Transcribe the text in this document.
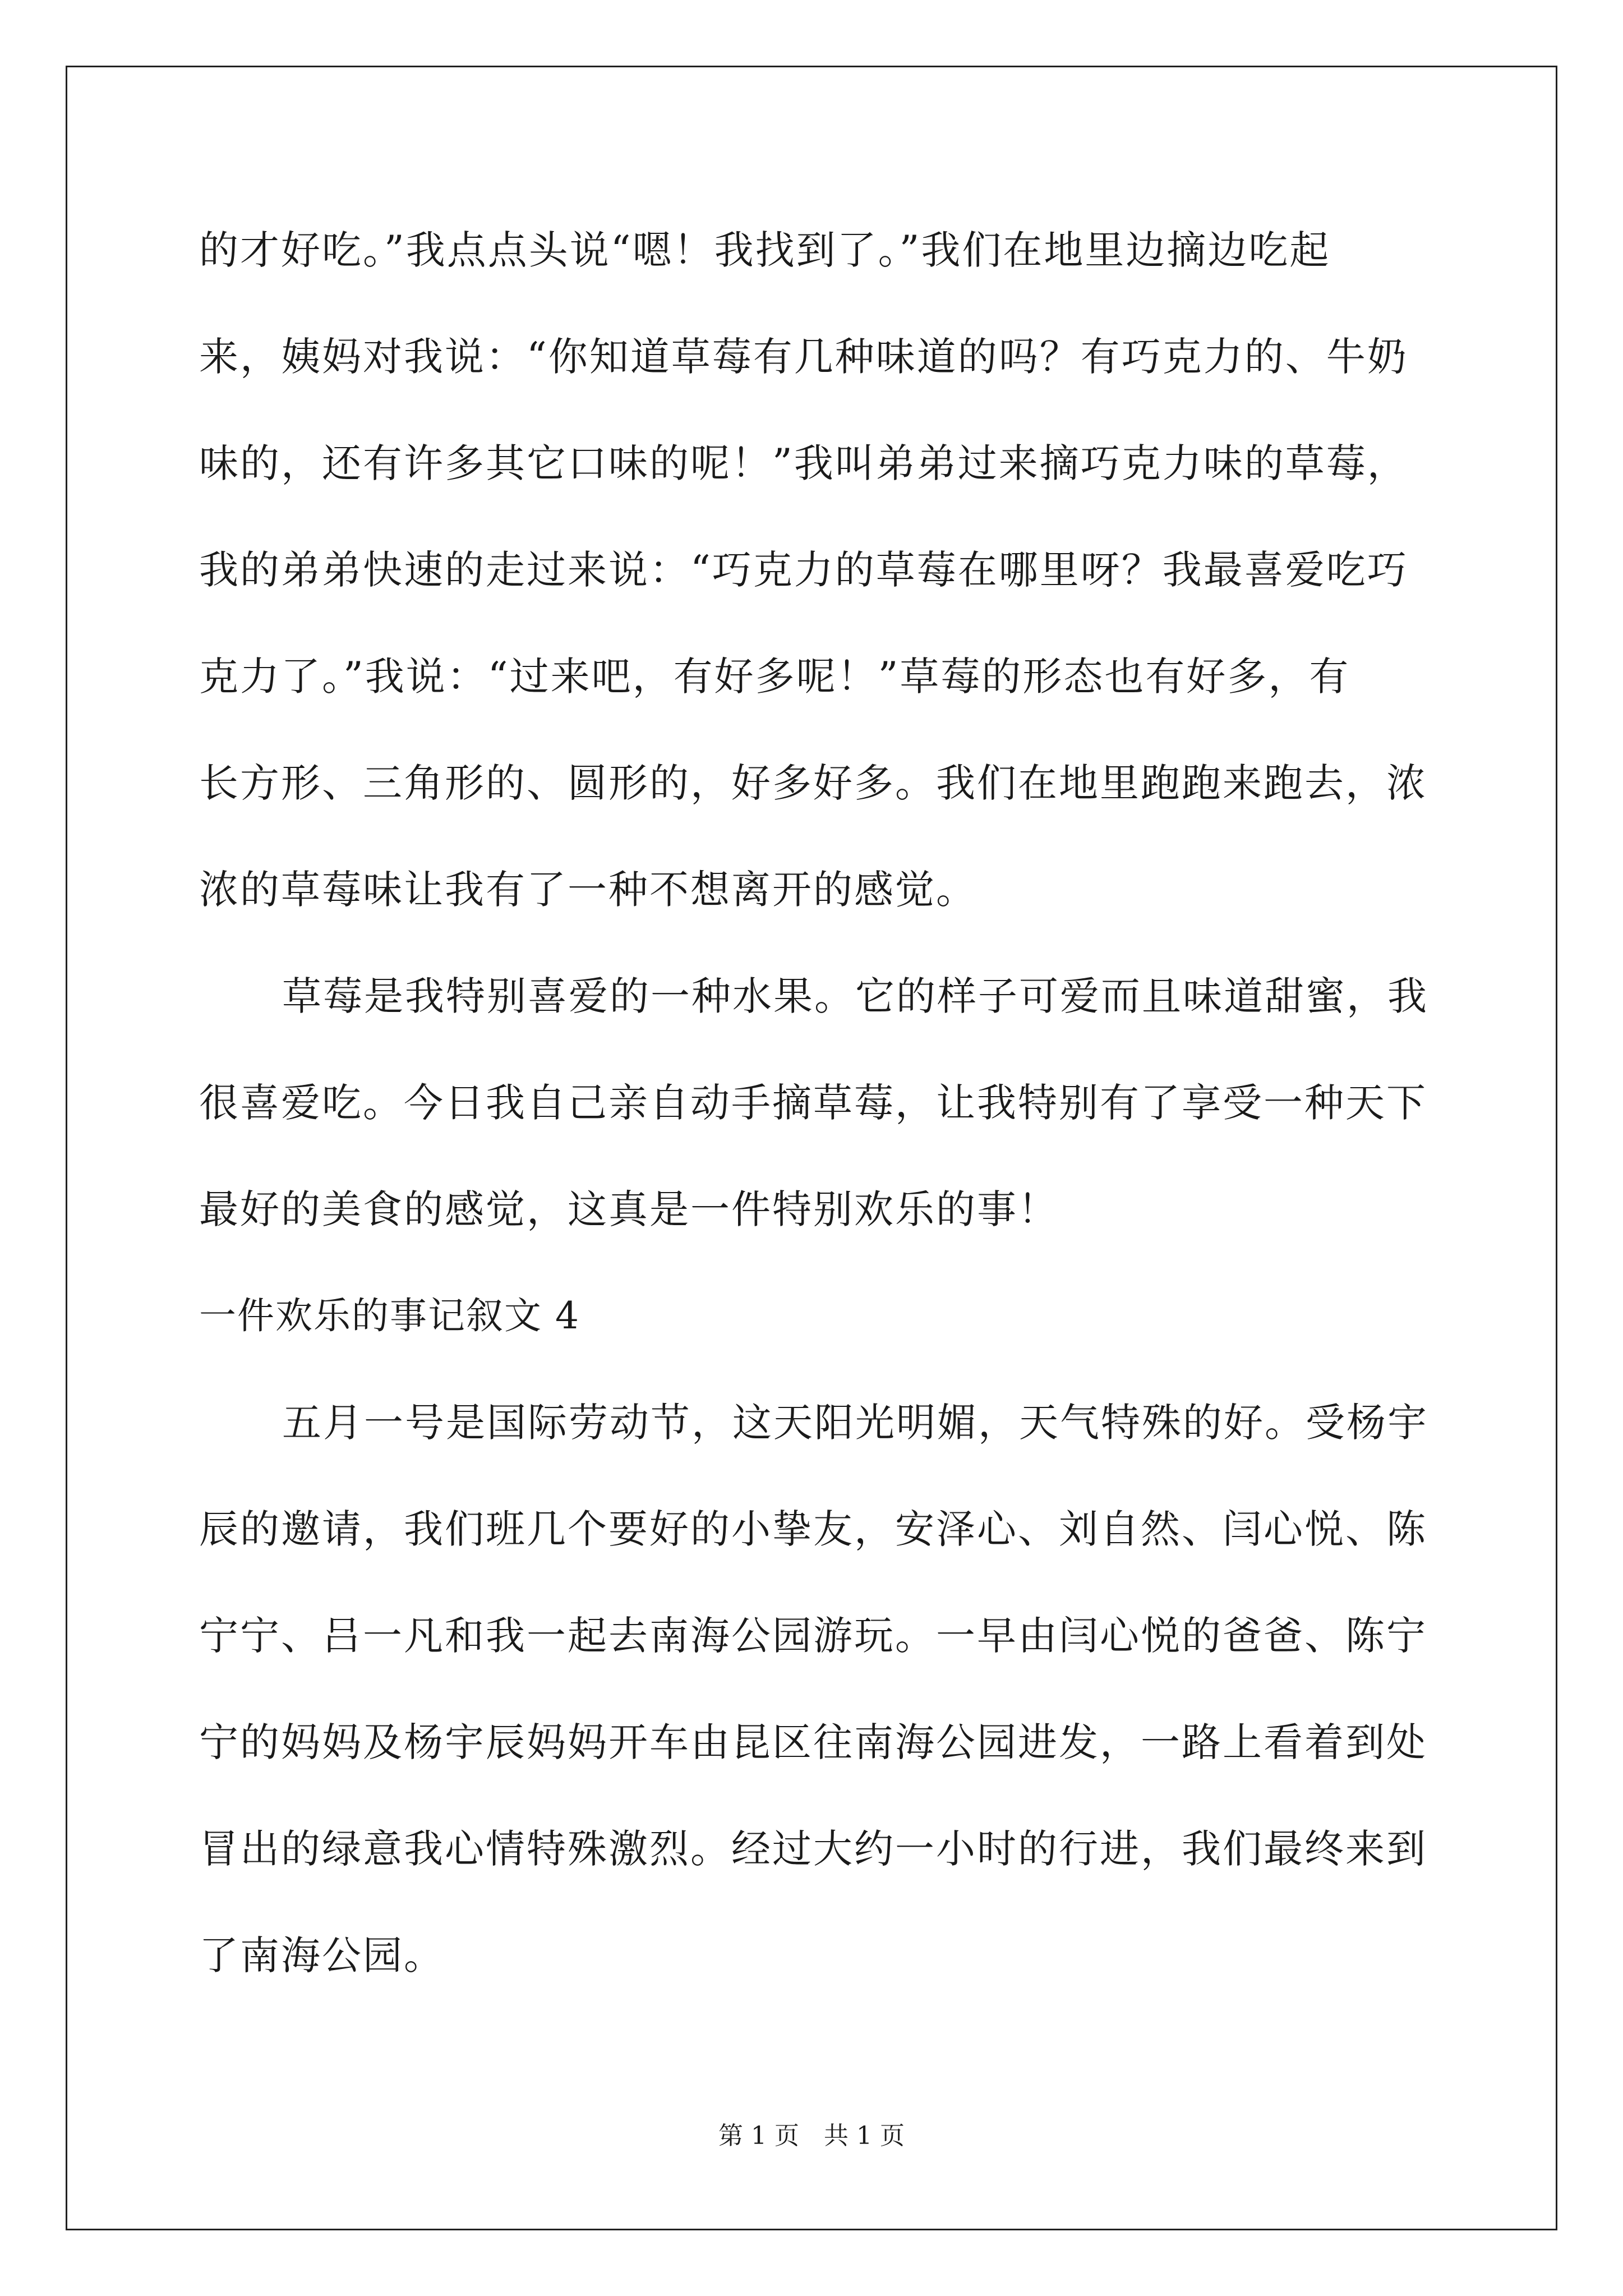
的才好吃。”我点点头说“嗯！我找到了。”我们在地里边摘边吃起
来，姨妈对我说：“你知道草莓有几种味道的吗？有巧克力的、牛奶
味的，还有许多其它口味的呢！”我叫弟弟过来摘巧克力味的草莓，
我的弟弟快速的走过来说：“巧克力的草莓在哪里呀？我最喜爱吃巧
克力了。”我说：“过来吧，有好多呢！”草莓的形态也有好多，有
长方形、三角形的、圆形的，好多好多。我们在地里跑跑来跑去，浓
浓的草莓味让我有了一种不想离开的感觉。
草莓是我特别喜爱的一种水果。它的样子可爱而且味道甜蜜，我
很喜爱吃。今日我自己亲自动手摘草莓，让我特别有了享受一种天下
最好的美食的感觉，这真是一件特别欢乐的事！
一件欢乐的事记叙文 4
五月一号是国际劳动节，这天阳光明媚，天气特殊的好。受杨宇
辰的邀请，我们班几个要好的小挚友，安泽心、刘自然、闫心悦、陈
宁宁、吕一凡和我一起去南海公园游玩。一早由闫心悦的爸爸、陈宁
宁的妈妈及杨宇辰妈妈开车由昆区往南海公园进发，一路上看着到处
冒出的绿意我心情特殊激烈。经过大约一小时的行进，我们最终来到
了南海公园。
第 1 页　共 1 页
